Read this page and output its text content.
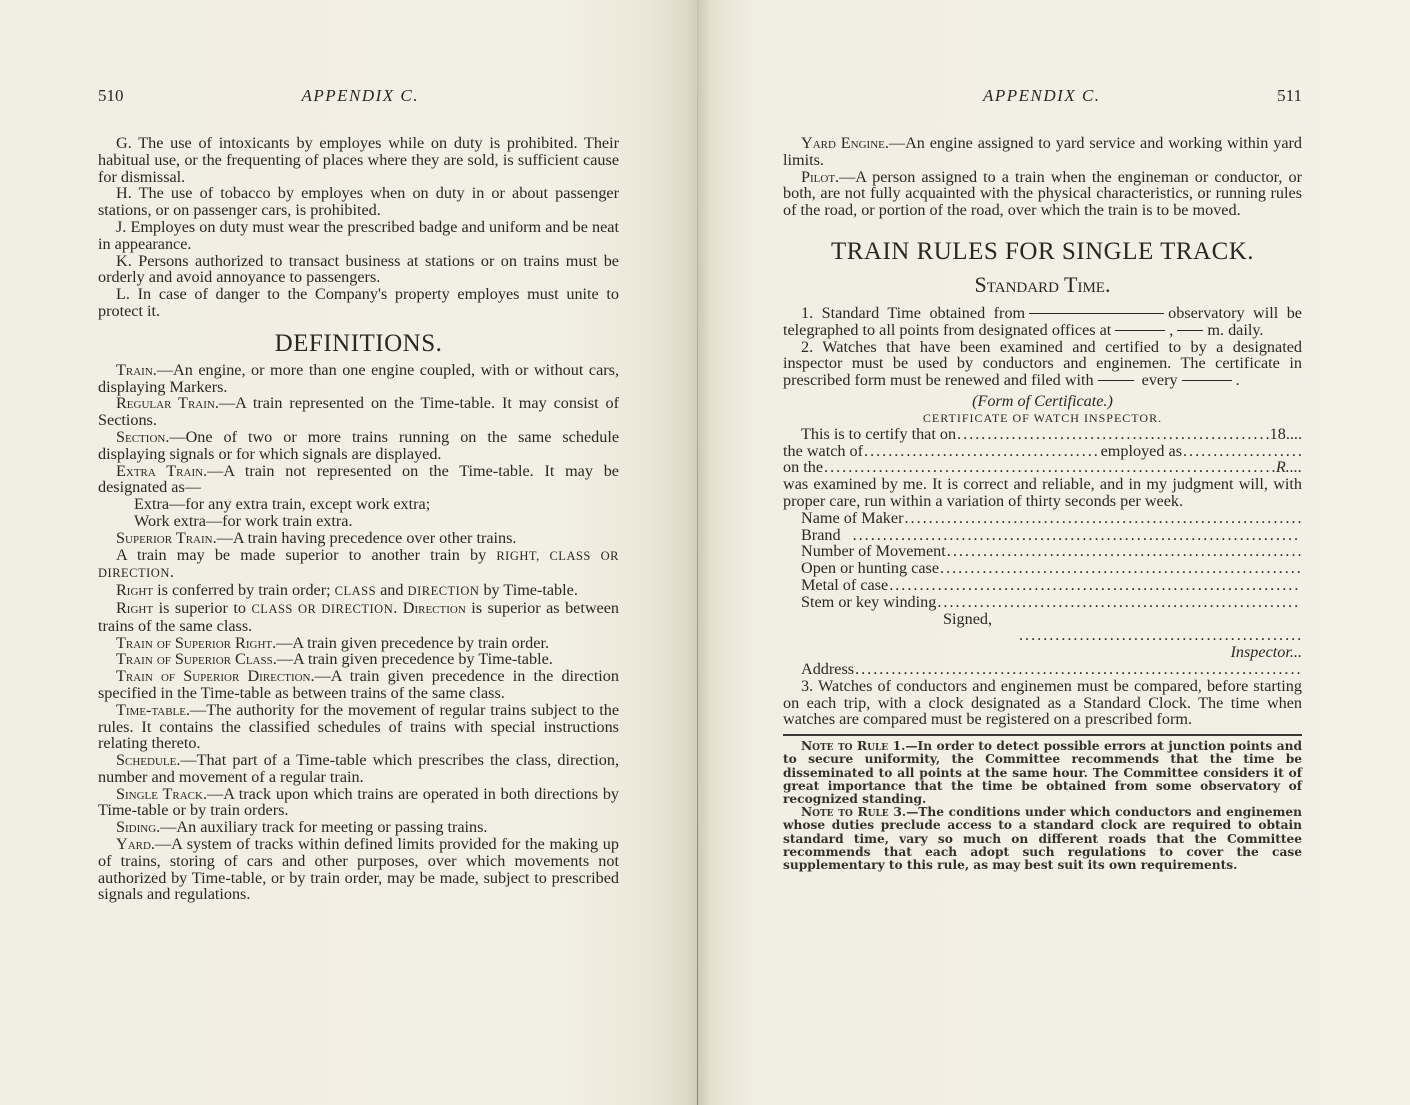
510	APPENDIX C.

G. The use of intoxicants by employes while on duty is prohibited. Their habitual use, or the frequenting of places where they are sold, is sufficient cause for dismissal.

H. The use of tobacco by employes when on duty in or about passenger stations, or on passenger cars, is prohibited.

J. Employes on duty must wear the prescribed badge and uniform and be neat in appearance.

K. Persons authorized to transact business at stations or on trains must be orderly and avoid annoyance to passengers.

L. In case of danger to the Company's property employes must unite to protect it.

DEFINITIONS.

Train.—An engine, or more than one engine coupled, with or without cars, displaying Markers.

Regular Train.—A train represented on the Time-table. It may consist of Sections.

Section.—One of two or more trains running on the same schedule displaying signals or for which signals are displayed.

Extra Train.—A train not represented on the Time-table. It may be designated as—

Extra—for any extra train, except work extra;

Work extra—for work train extra.

Superior Train.—A train having precedence over other trains.

A train may be made superior to another train by RIGHT, CLASS OR DIRECTION.

Right is conferred by train order; CLASS and DIRECTION by Time-table.

Right is superior to CLASS OR DIRECTION. Direction is superior as between trains of the same class.

Train of Superior Right.—A train given precedence by train order.

Train of Superior Class.—A train given precedence by Time-table.

Train of Superior Direction.—A train given precedence in the direction specified in the Time-table as between trains of the same class.

Time-table.—The authority for the movement of regular trains subject to the rules. It contains the classified schedules of trains with special instructions relating thereto.

Schedule.—That part of a Time-table which prescribes the class, direction, number and movement of a regular train.

Single Track.—A track upon which trains are operated in both directions by Time-table or by train orders.

Siding.—An auxiliary track for meeting or passing trains.

Yard.—A system of tracks within defined limits provided for the making up of trains, storing of cars and other purposes, over which movements not authorized by Time-table, or by train order, may be made, subject to prescribed signals and regulations.

APPENDIX C.	511

Yard Engine.—An engine assigned to yard service and working within yard limits.

Pilot.—A person assigned to a train when the engineman or conductor, or both, are not fully acquainted with the physical characteristics, or running rules of the road, or portion of the road, over which the train is to be moved.

TRAIN RULES FOR SINGLE TRACK.
Standard Time.

1. Standard Time obtained from	observatory will be telegraphed to all points from designated offices at	, m. daily.

2. Watches that have been examined and certified to by a designated inspector must be used by conductors and enginemen. The certificate in prescribed form must be renewed and filed with	every	.

(Form of Certificate.)
CERTIFICATE OF WATCH INSPECTOR.
This is to certify that on .....	18....
the watch of .....	employed as
.....
on the .....	R....

was examined by me. It is correct and reliable, and in my judgment will, with proper care, run within a variation of thirty seconds per week.

Name of Maker
.....
Brand
.....
Number of Movement
.....
Open or hunting case
.....
Metal of case
.....
Stem or key winding
.....
Signed,
.....
Inspector...
Address
.....

3. Watches of conductors and enginemen must be compared, before starting on each trip, with a clock designated as a Standard Clock. The time when watches are compared must be registered on a prescribed form.

Note to Rule 1.—In order to detect possible errors at junction points and to secure uniformity, the Committee recommends that the time be disseminated to all points at the same hour. The Committee considers it of great importance that the time be obtained from some observatory of recognized standing.

Note to Rule 3.—The conditions under which conductors and enginemen whose duties preclude access to a standard clock are required to obtain standard time, vary so much on different roads that the Committee recommends that each adopt such regulations to cover the case supplementary to this rule, as may best suit its own requirements.
